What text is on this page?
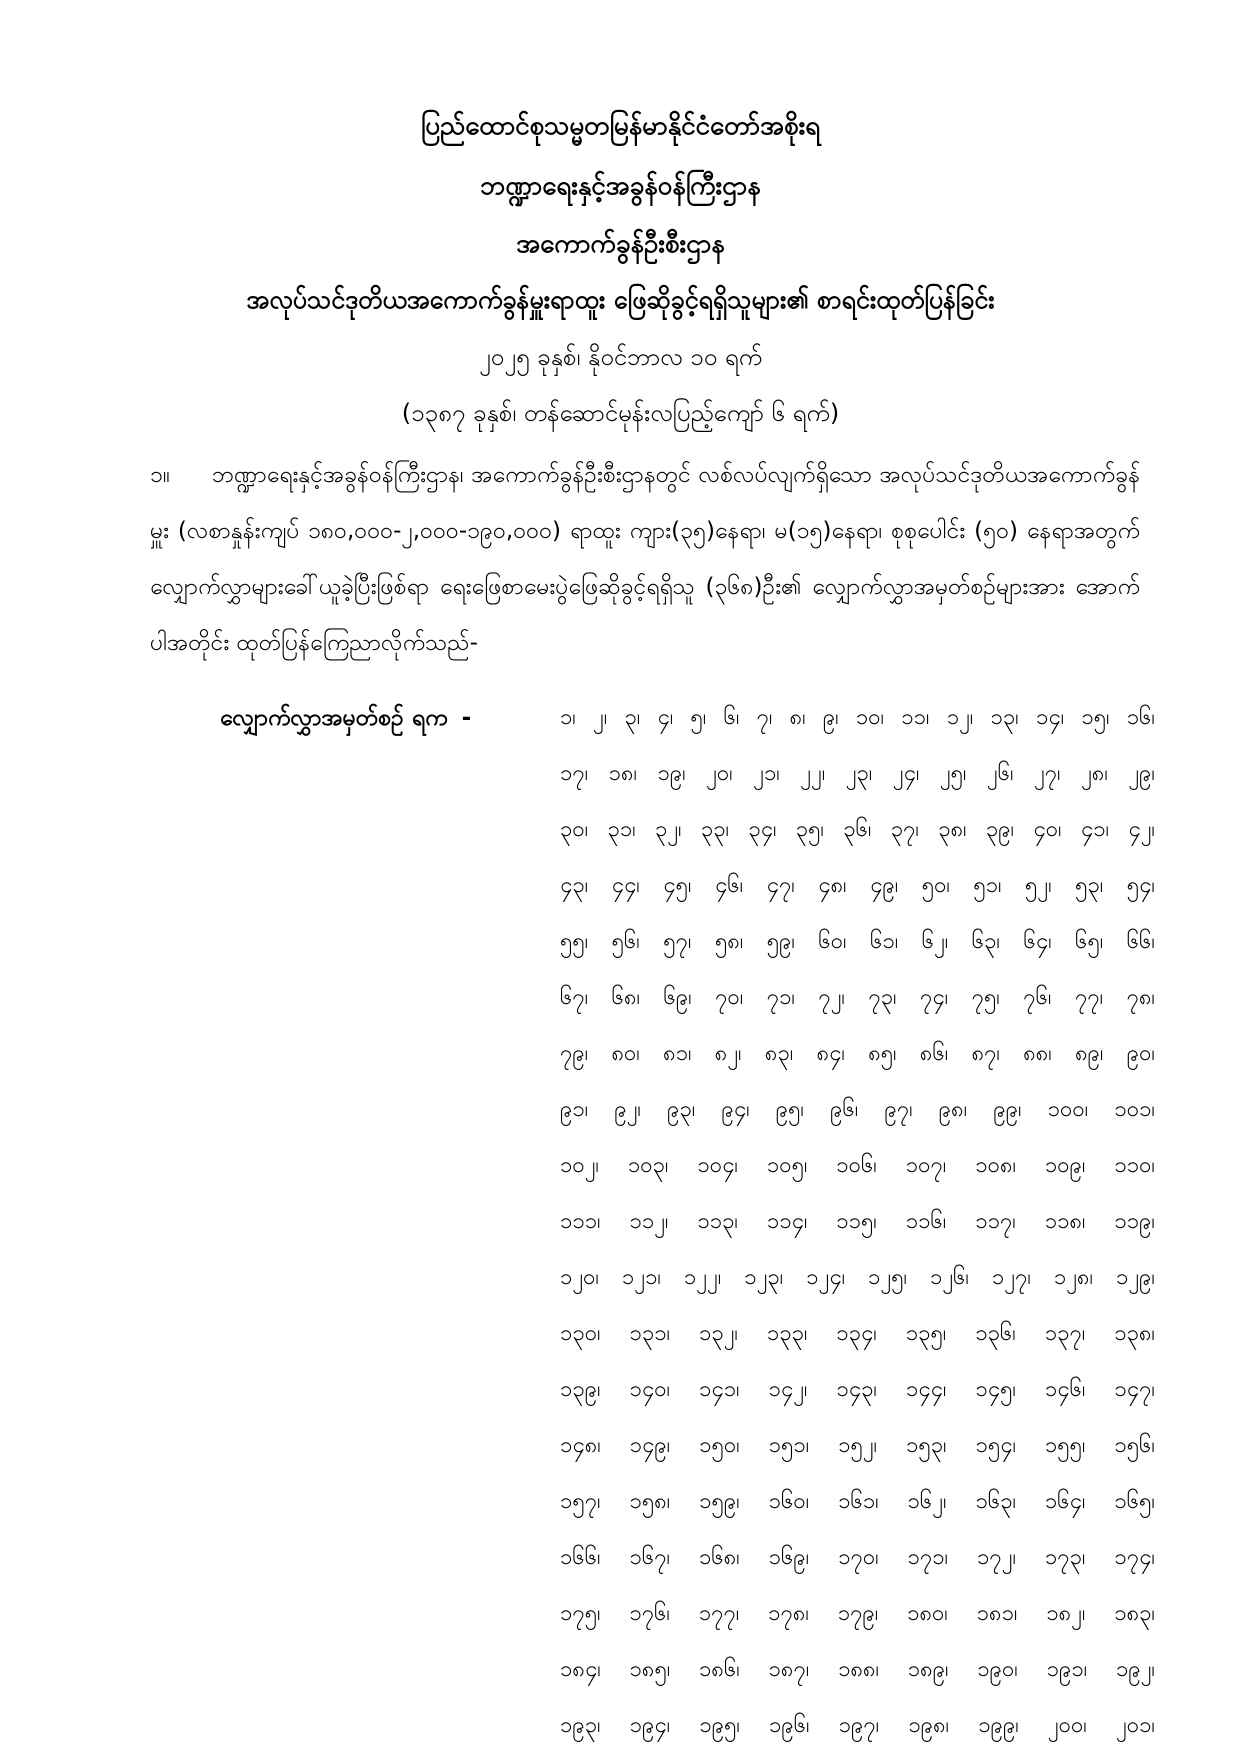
ပြည်ထောင်စုသမ္မတမြန်မာနိုင်ငံတော်အစိုးရ
ဘဏ္ဍာရေးနှင့်အခွန်ဝန်ကြီးဌာန
အကောက်ခွန်ဦးစီးဌာန
အလုပ်သင်ဒုတိယအကောက်ခွန်မှူးရာထူး ဖြေဆိုခွင့်ရရှိသူများ၏ စာရင်းထုတ်ပြန်ခြင်း
၂၀၂၅ ခုနှစ်၊ နိုဝင်ဘာလ ၁၀ ရက်
(၁၃၈၇ ခုနှစ်၊ တန်ဆောင်မုန်းလပြည့်ကျော် ၆ ရက်)
၁။ ဘဏ္ဍာရေးနှင့်အခွန်ဝန်ကြီးဌာန၊ အကောက်ခွန်ဦးစီးဌာနတွင် လစ်လပ်လျက်ရှိသော အလုပ်သင်ဒုတိယအကောက်ခွန်မှူး (လစာနှုန်းကျပ် ၁၈၀,၀၀၀-၂,၀၀၀-၁၉၀,၀၀၀) ရာထူး ကျား(၃၅)နေရာ၊ မ(၁၅)နေရာ၊ စုစုပေါင်း (၅၀) နေရာအတွက် လျှောက်လွှာများခေါ်ယူခဲ့ပြီးဖြစ်ရာ ရေးဖြေစာမေးပွဲဖြေဆိုခွင့်ရရှိသူ (၃၆၈)ဦး၏ လျှောက်လွှာအမှတ်စဉ်များအား အောက်ပါအတိုင်း ထုတ်ပြန်ကြေညာလိုက်သည်-
လျှောက်လွှာအမှတ်စဉ် ရက -	၁၊ ၂၊ ၃၊ ၄၊ ၅၊ ၆၊ ၇၊ ၈၊ ၉၊ ၁၀၊ ၁၁၊ ၁၂၊ ၁၃၊ ၁၄၊ ၁၅၊ ၁၆၊
၁၇၊ ၁၈၊ ၁၉၊ ၂၀၊ ၂၁၊ ၂၂၊ ၂၃၊ ၂၄၊ ၂၅၊ ၂၆၊ ၂၇၊ ၂၈၊ ၂၉၊
၃၀၊ ၃၁၊ ၃၂၊ ၃၃၊ ၃၄၊ ၃၅၊ ၃၆၊ ၃၇၊ ၃၈၊ ၃၉၊ ၄၀၊ ၄၁၊ ၄၂၊
၄၃၊ ၄၄၊ ၄၅၊ ၄၆၊ ၄၇၊ ၄၈၊ ၄၉၊ ၅၀၊ ၅၁၊ ၅၂၊ ၅၃၊ ၅၄၊
၅၅၊ ၅၆၊ ၅၇၊ ၅၈၊ ၅၉၊ ၆၀၊ ၆၁၊ ၆၂၊ ၆၃၊ ၆၄၊ ၆၅၊ ၆၆၊
၆၇၊ ၆၈၊ ၆၉၊ ၇၀၊ ၇၁၊ ၇၂၊ ၇၃၊ ၇၄၊ ၇၅၊ ၇၆၊ ၇၇၊ ၇၈၊
၇၉၊ ၈၀၊ ၈၁၊ ၈၂၊ ၈၃၊ ၈၄၊ ၈၅၊ ၈၆၊ ၈၇၊ ၈၈၊ ၈၉၊ ၉၀၊
၉၁၊ ၉၂၊ ၉၃၊ ၉၄၊ ၉၅၊ ၉၆၊ ၉၇၊ ၉၈၊ ၉၉၊ ၁၀၀၊ ၁၀၁၊
၁၀၂၊ ၁၀၃၊ ၁၀၄၊ ၁၀၅၊ ၁၀၆၊ ၁၀၇၊ ၁၀၈၊ ၁၀၉၊ ၁၁၀၊
၁၁၁၊ ၁၁၂၊ ၁၁၃၊ ၁၁၄၊ ၁၁၅၊ ၁၁၆၊ ၁၁၇၊ ၁၁၈၊ ၁၁၉၊
၁၂၀၊ ၁၂၁၊ ၁၂၂၊ ၁၂၃၊ ၁၂၄၊ ၁၂၅၊ ၁၂၆၊ ၁၂၇၊ ၁၂၈၊ ၁၂၉၊
၁၃၀၊ ၁၃၁၊ ၁၃၂၊ ၁၃၃၊ ၁၃၄၊ ၁၃၅၊ ၁၃၆၊ ၁၃၇၊ ၁၃၈၊
၁၃၉၊ ၁၄၀၊ ၁၄၁၊ ၁၄၂၊ ၁၄၃၊ ၁၄၄၊ ၁၄၅၊ ၁၄၆၊ ၁၄၇၊
၁၄၈၊ ၁၄၉၊ ၁၅၀၊ ၁၅၁၊ ၁၅၂၊ ၁၅၃၊ ၁၅၄၊ ၁၅၅၊ ၁၅၆၊
၁၅၇၊ ၁၅၈၊ ၁၅၉၊ ၁၆၀၊ ၁၆၁၊ ၁၆၂၊ ၁၆၃၊ ၁၆၄၊ ၁၆၅၊
၁၆၆၊ ၁၆၇၊ ၁၆၈၊ ၁၆၉၊ ၁၇၀၊ ၁၇၁၊ ၁၇၂၊ ၁၇၃၊ ၁၇၄၊
၁၇၅၊ ၁၇၆၊ ၁၇၇၊ ၁၇၈၊ ၁၇၉၊ ၁၈၀၊ ၁၈၁၊ ၁၈၂၊ ၁၈၃၊
၁၈၄၊ ၁၈၅၊ ၁၈၆၊ ၁၈၇၊ ၁၈၈၊ ၁၈၉၊ ၁၉၀၊ ၁၉၁၊ ၁၉၂၊
၁၉၃၊ ၁၉၄၊ ၁၉၅၊ ၁၉၆၊ ၁၉၇၊ ၁၉၈၊ ၁၉၉၊ ၂၀၀၊ ၂၀၁၊
